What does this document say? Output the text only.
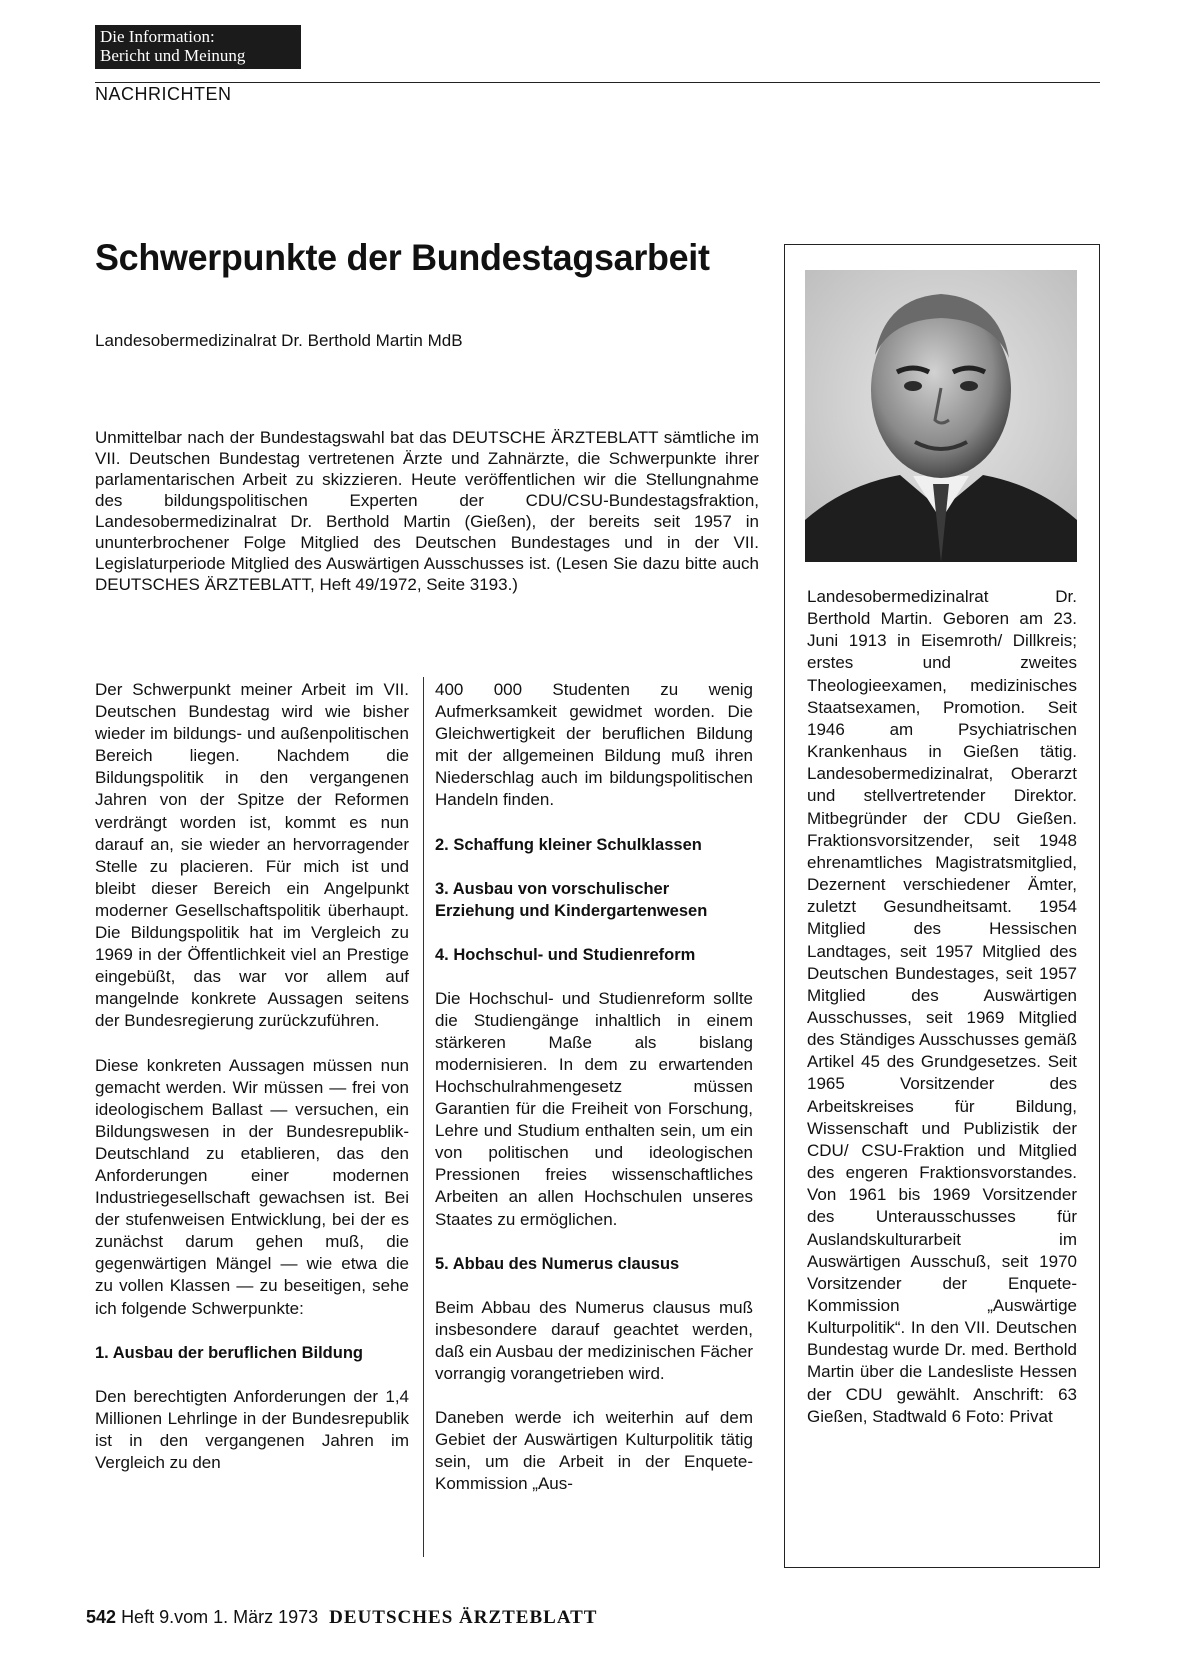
Die Information:
Bericht und Meinung
NACHRICHTEN
Schwerpunkte der Bundestagsarbeit
Landesobermedizinalrat Dr. Berthold Martin MdB
Unmittelbar nach der Bundestagswahl bat das DEUTSCHE ÄRZTEBLATT sämtliche im VII. Deutschen Bundestag vertretenen Ärzte und Zahnärzte, die Schwerpunkte ihrer parlamentarischen Arbeit zu skizzieren. Heute veröffentlichen wir die Stellungnahme des bildungspolitischen Experten der CDU/CSU-Bundestagsfraktion, Landesobermedizinalrat Dr. Berthold Martin (Gießen), der bereits seit 1957 in ununterbrochener Folge Mitglied des Deutschen Bundestages und in der VII. Legislaturperiode Mitglied des Auswärtigen Ausschusses ist. (Lesen Sie dazu bitte auch DEUTSCHES ÄRZTEBLATT, Heft 49/1972, Seite 3193.)
Landesobermedizinalrat Dr. Berthold Martin. Geboren am 23. Juni 1913 in Eisemroth/ Dillkreis; erstes und zweites Theologieexamen, medizinisches Staatsexamen, Promotion. Seit 1946 am Psychiatrischen Krankenhaus in Gießen tätig. Landesobermedizinalrat, Oberarzt und stellvertretender Direktor. Mitbegründer der CDU Gießen. Fraktionsvorsitzender, seit 1948 ehrenamtliches Magistratsmitglied, Dezernent verschiedener Ämter, zuletzt Gesundheitsamt. 1954 Mitglied des Hessischen Landtages, seit 1957 Mitglied des Deutschen Bundestages, seit 1957 Mitglied des Auswärtigen Ausschusses, seit 1969 Mitglied des Ständiges Ausschusses gemäß Artikel 45 des Grundgesetzes. Seit 1965 Vorsitzender des Arbeitskreises für Bildung, Wissenschaft und Publizistik der CDU/ CSU-Fraktion und Mitglied des engeren Fraktionsvorstandes. Von 1961 bis 1969 Vorsitzender des Unterausschusses für Auslandskulturarbeit im Auswärtigen Ausschuß, seit 1970 Vorsitzender der Enquete-Kommission „Auswärtige Kulturpolitik“. In den VII. Deutschen Bundestag wurde Dr. med. Berthold Martin über die Landesliste Hessen der CDU gewählt. Anschrift: 63 Gießen, Stadtwald 6 Foto: Privat

Der Schwerpunkt meiner Arbeit im VII. Deutschen Bundestag wird wie bisher wieder im bildungs- und außenpolitischen Bereich liegen. Nachdem die Bildungspolitik in den vergangenen Jahren von der Spitze der Reformen verdrängt worden ist, kommt es nun darauf an, sie wieder an hervorragender Stelle zu placieren. Für mich ist und bleibt dieser Bereich ein Angelpunkt moderner Gesellschaftspolitik überhaupt. Die Bildungspolitik hat im Vergleich zu 1969 in der Öffentlichkeit viel an Prestige eingebüßt, das war vor allem auf mangelnde konkrete Aussagen seitens der Bundesregierung zurückzuführen.

Diese konkreten Aussagen müssen nun gemacht werden. Wir müssen — frei von ideologischem Ballast — versuchen, ein Bildungswesen in der Bundesrepublik-Deutschland zu etablieren, das den Anforderungen einer modernen Industriegesellschaft gewachsen ist. Bei der stufenweisen Entwicklung, bei der es zunächst darum gehen muß, die gegenwärtigen Mängel — wie etwa die zu vollen Klassen — zu beseitigen, sehe ich folgende Schwerpunkte:

1. Ausbau der beruflichen Bildung

Den berechtigten Anforderungen der 1,4 Millionen Lehrlinge in der Bundesrepublik ist in den vergangenen Jahren im Vergleich zu den

400 000 Studenten zu wenig Aufmerksamkeit gewidmet worden. Die Gleichwertigkeit der beruflichen Bildung mit der allgemeinen Bildung muß ihren Niederschlag auch im bildungspolitischen Handeln finden.

2. Schaffung kleiner Schulklassen
3. Ausbau von vorschulischer Erziehung und Kindergartenwesen
4. Hochschul- und Studienreform

Die Hochschul- und Studienreform sollte die Studiengänge inhaltlich in einem stärkeren Maße als bislang modernisieren. In dem zu erwartenden Hochschulrahmengesetz müssen Garantien für die Freiheit von Forschung, Lehre und Studium enthalten sein, um ein von politischen und ideologischen Pressionen freies wissenschaftliches Arbeiten an allen Hochschulen unseres Staates zu ermöglichen.

5. Abbau des Numerus clausus

Beim Abbau des Numerus clausus muß insbesondere darauf geachtet werden, daß ein Ausbau der medizinischen Fächer vorrangig vorangetrieben wird.

Daneben werde ich weiterhin auf dem Gebiet der Auswärtigen Kulturpolitik tätig sein, um die Arbeit in der Enquete-Kommission „Aus-

542 Heft 9.vom 1. März 1973 DEUTSCHES ÄRZTEBLATT
